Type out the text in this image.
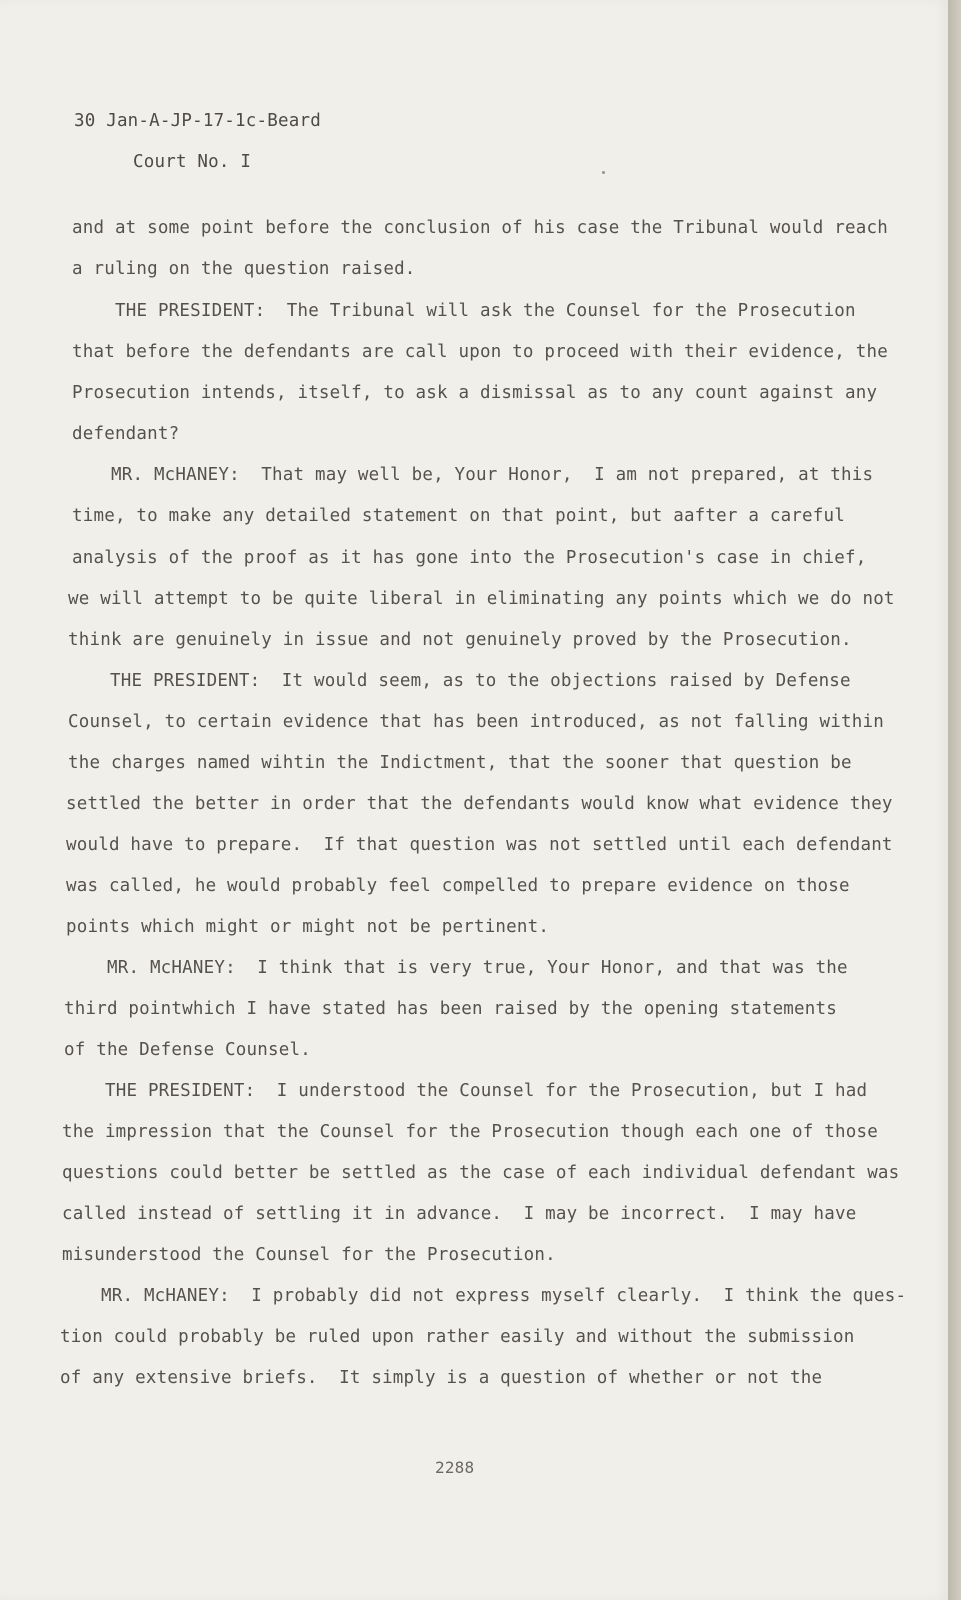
30 Jan-A-JP-17-1c-Beard
Court No. I
and at some point before the conclusion of his case the Tribunal would reach
a ruling on the question raised.
THE PRESIDENT:  The Tribunal will ask the Counsel for the Prosecution
that before the defendants are call upon to proceed with their evidence, the
Prosecution intends, itself, to ask a dismissal as to any count against any
defendant?
MR. McHANEY:  That may well be, Your Honor,  I am not prepared, at this
time, to make any detailed statement on that point, but aafter a careful
analysis of the proof as it has gone into the Prosecution's case in chief,
we will attempt to be quite liberal in eliminating any points which we do not
think are genuinely in issue and not genuinely proved by the Prosecution.
THE PRESIDENT:  It would seem, as to the objections raised by Defense
Counsel, to certain evidence that has been introduced, as not falling within
the charges named wihtin the Indictment, that the sooner that question be
settled the better in order that the defendants would know what evidence they
would have to prepare.  If that question was not settled until each defendant
was called, he would probably feel compelled to prepare evidence on those
points which might or might not be pertinent.
MR. McHANEY:  I think that is very true, Your Honor, and that was the
third pointwhich I have stated has been raised by the opening statements
of the Defense Counsel.
THE PRESIDENT:  I understood the Counsel for the Prosecution, but I had
the impression that the Counsel for the Prosecution though each one of those
questions could better be settled as the case of each individual defendant was
called instead of settling it in advance.  I may be incorrect.  I may have
misunderstood the Counsel for the Prosecution.
MR. McHANEY:  I probably did not express myself clearly.  I think the ques-
tion could probably be ruled upon rather easily and without the submission
of any extensive briefs.  It simply is a question of whether or not the
2288
